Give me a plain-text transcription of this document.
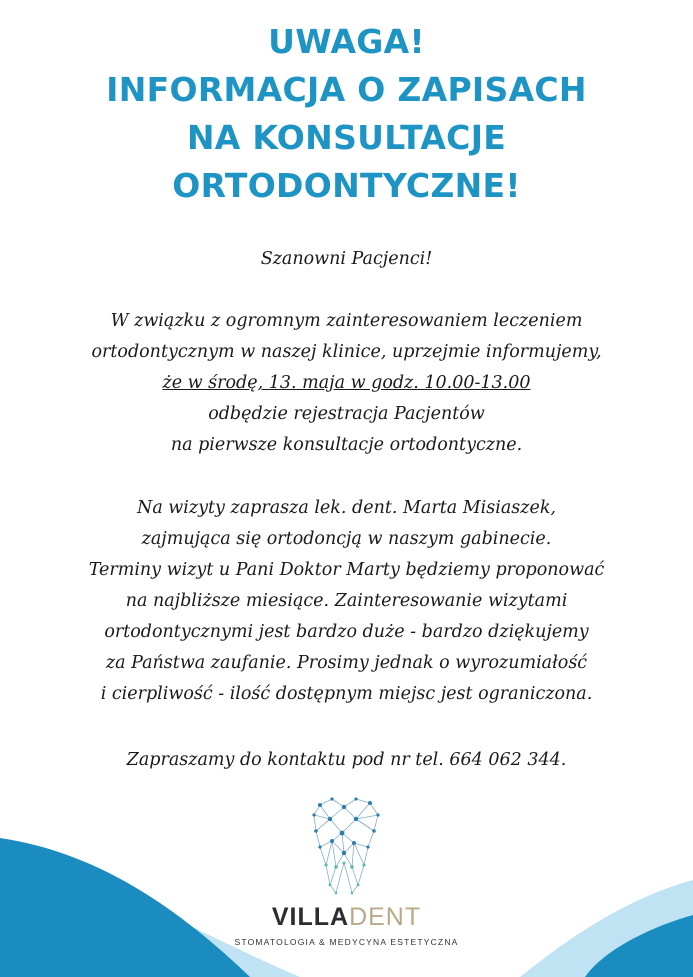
UWAGA!
INFORMACJA O ZAPISACH
NA KONSULTACJE
ORTODONTYCZNE!
Szanowni Pacjenci!
W związku z ogromnym zainteresowaniem leczeniem
ortodontycznym w naszej klinice, uprzejmie informujemy,
że w środę, 13. maja w godz. 10.00-13.00
odbędzie rejestracja Pacjentów
na pierwsze konsultacje ortodontyczne.
Na wizyty zaprasza lek. dent. Marta Misiaszek,
zajmująca się ortodoncją w naszym gabinecie.
Terminy wizyt u Pani Doktor Marty będziemy proponować
na najbliższe miesiące. Zainteresowanie wizytami
ortodontycznymi jest bardzo duże - bardzo dziękujemy
za Państwa zaufanie. Prosimy jednak o wyrozumiałość
i cierpliwość - ilość dostępnym miejsc jest ograniczona.
Zapraszamy do kontaktu pod nr tel. 664 062 344.
VILLADENT
STOMATOLOGIA & MEDYCYNA ESTETYCZNA
